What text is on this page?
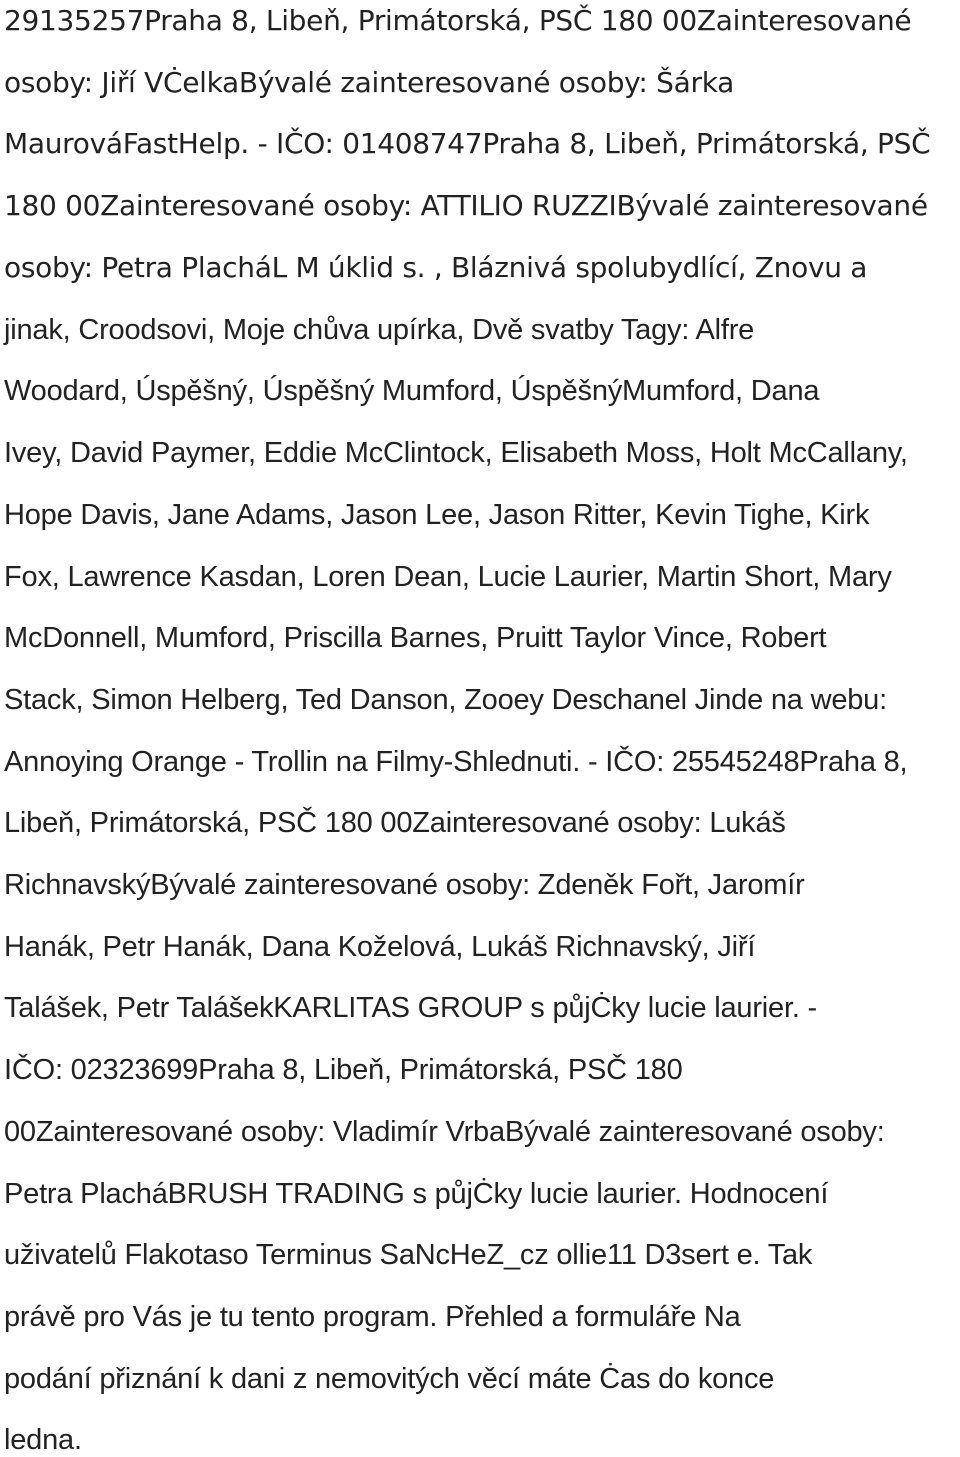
29135257Praha 8, Libeň, Primátorská, PSČ 180 00Zainteresované
osoby: Jiří VĊelkaBývalé zainteresované osoby: Šárka
MaurováFastHelp. - IČO: 01408747Praha 8, Libeň, Primátorská, PSČ
180 00Zainteresované osoby: ATTILIO RUZZIBývalé zainteresované
osoby: Petra PlacháL M úklid s. , Bláznivá spolubydlící, Znovu a
jinak, Croodsovi, Moje chůva upírka, Dvě svatby Tagy: Alfre
Woodard, Úspěšný, Úspěšný Mumford, ÚspěšnýMumford, Dana
Ivey, David Paymer, Eddie McClintock, Elisabeth Moss, Holt McCallany,
Hope Davis, Jane Adams, Jason Lee, Jason Ritter, Kevin Tighe, Kirk
Fox, Lawrence Kasdan, Loren Dean, Lucie Laurier, Martin Short, Mary
McDonnell, Mumford, Priscilla Barnes, Pruitt Taylor Vince, Robert
Stack, Simon Helberg, Ted Danson, Zooey Deschanel Jinde na webu:
Annoying Orange - Trollin na Filmy-Shlednuti. - IČO: 25545248Praha 8,
Libeň, Primátorská, PSČ 180 00Zainteresované osoby: Lukáš
RichnavskýBývalé zainteresované osoby: Zdeněk Fořt, Jaromír
Hanák, Petr Hanák, Dana Koželová, Lukáš Richnavský, Jiří
Talášek, Petr TalášekKARLITAS GROUP s půjĊky lucie laurier. -
IČO: 02323699Praha 8, Libeň, Primátorská, PSČ 180
00Zainteresované osoby: Vladimír VrbaBývalé zainteresované osoby:
Petra PlacháBRUSH TRADING s půjĊky lucie laurier. Hodnocení
uživatelů Flakotaso Terminus SaNcHeZ_cz ollie11 D3sert e. Tak
právě pro Vás je tu tento program. Přehled a formuláře Na
podání přiznání k dani z nemovitých věcí máte Ċas do konce
ledna.
